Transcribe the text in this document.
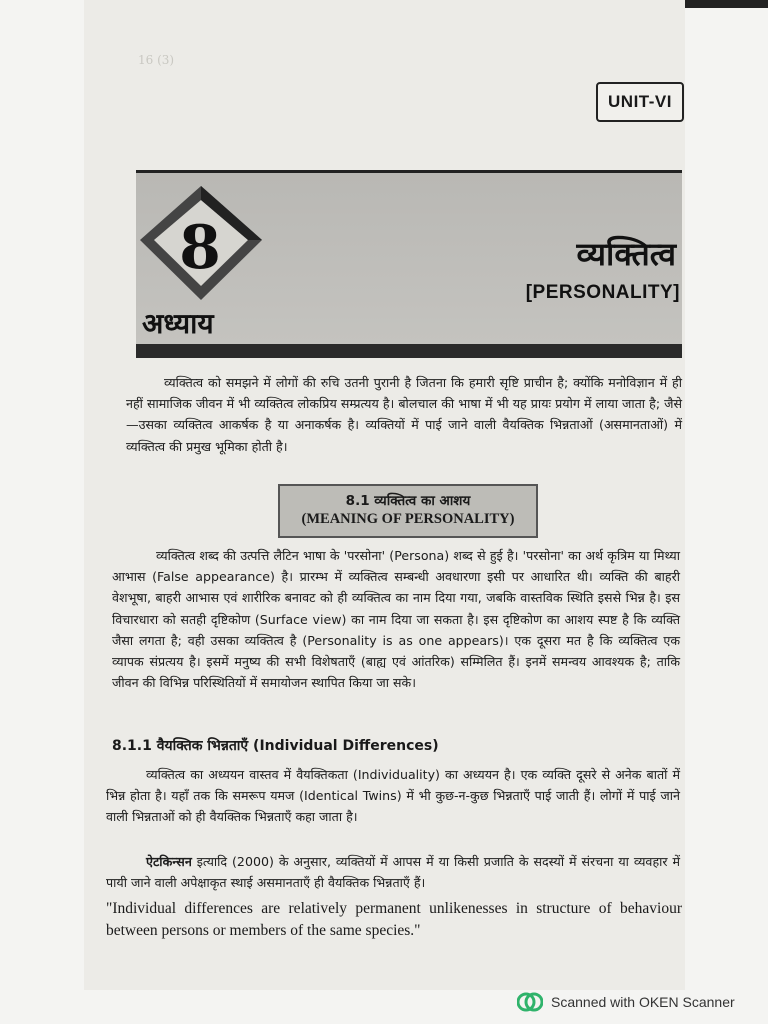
16 (3)
UNIT-VI
8
अध्याय
व्यक्तित्व
[PERSONALITY]
व्यक्तित्व को समझने में लोगों की रुचि उतनी पुरानी है जितना कि हमारी सृष्टि प्राचीन है; क्योंकि मनोविज्ञान में ही नहीं सामाजिक जीवन में भी व्यक्तित्व लोकप्रिय सम्प्रत्यय है। बोलचाल की भाषा में भी यह प्रायः प्रयोग में लाया जाता है; जैसे—उसका व्यक्तित्व आकर्षक है या अनाकर्षक है। व्यक्तियों में पाई जाने वाली वैयक्तिक भिन्नताओं (असमानताओं) में व्यक्तित्व की प्रमुख भूमिका होती है।
8.1 व्यक्तित्व का आशय
(MEANING OF PERSONALITY)
व्यक्तित्व शब्द की उत्पत्ति लैटिन भाषा के 'परसोना' (Persona) शब्द से हुई है। 'परसोना' का अर्थ कृत्रिम या मिथ्या आभास (False appearance) है। प्रारम्भ में व्यक्तित्व सम्बन्धी अवधारणा इसी पर आधारित थी। व्यक्ति की बाहरी वेशभूषा, बाहरी आभास एवं शारीरिक बनावट को ही व्यक्तित्व का नाम दिया गया, जबकि वास्तविक स्थिति इससे भिन्न है। इस विचारधारा को सतही दृष्टिकोण (Surface view) का नाम दिया जा सकता है। इस दृष्टिकोण का आशय स्पष्ट है कि व्यक्ति जैसा लगता है; वही उसका व्यक्तित्व है (Personality is as one appears)। एक दूसरा मत है कि व्यक्तित्व एक व्यापक संप्रत्यय है। इसमें मनुष्य की सभी विशेषताएँ (बाह्य एवं आंतरिक) सम्मिलित हैं। इनमें समन्वय आवश्यक है; ताकि जीवन की विभिन्न परिस्थितियों में समायोजन स्थापित किया जा सके।
8.1.1 वैयक्तिक भिन्नताएँ (Individual Differences)
व्यक्तित्व का अध्ययन वास्तव में वैयक्तिकता (Individuality) का अध्ययन है। एक व्यक्ति दूसरे से अनेक बातों में भिन्न होता है। यहाँ तक कि समरूप यमज (Identical Twins) में भी कुछ-न-कुछ भिन्नताएँ पाई जाती हैं। लोगों में पाई जाने वाली भिन्नताओं को ही वैयक्तिक भिन्नताएँ कहा जाता है।
ऐटकिन्सन इत्यादि (2000) के अनुसार, व्यक्तियों में आपस में या किसी प्रजाति के सदस्यों में संरचना या व्यवहार में पायी जाने वाली अपेक्षाकृत स्थाई असमानताएँ ही वैयक्तिक भिन्नताएँ हैं।
"Individual differences are relatively permanent unlikenesses in structure of behaviour between persons or members of the same species."
Scanned with OKEN Scanner
